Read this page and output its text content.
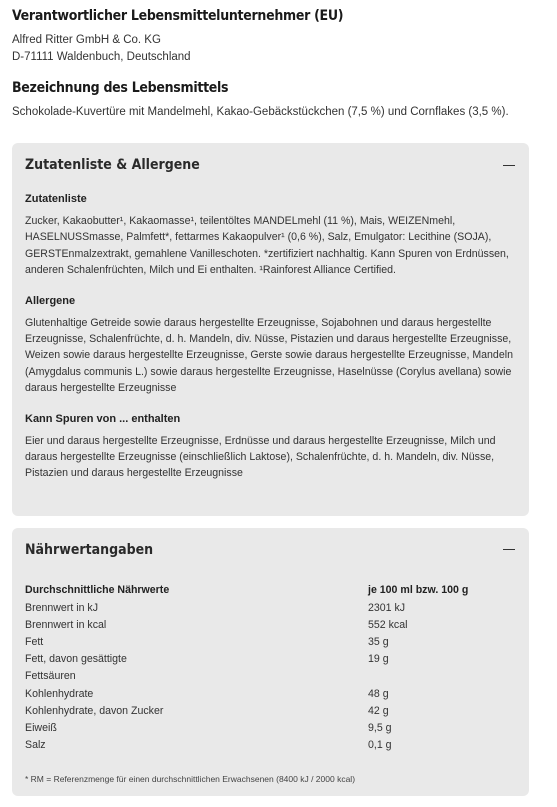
Verantwortlicher Lebensmittelunternehmer (EU)
Alfred Ritter GmbH & Co. KG
D-71111 Waldenbuch, Deutschland
Bezeichnung des Lebensmittels
Schokolade-Kuvertüre mit Mandelmehl, Kakao-Gebäckstückchen (7,5 %) und Cornflakes (3,5 %).
Zutatenliste & Allergene
Zutatenliste
Zucker, Kakaobutter¹, Kakaomasse¹, teilentöltes MANDELmehl (11 %), Mais, WEIZENmehl,
HASELNUSSmasse, Palmfett*, fettarmes Kakaopulver¹ (0,6 %), Salz, Emulgator: Lecithine (SOJA),
GERSTEnmalzextrakt, gemahlene Vanilleschoten. *zertifiziert nachhaltig. Kann Spuren von Erdnüssen,
anderen Schalenfrüchten, Milch und Ei enthalten. ¹Rainforest Alliance Certified.
Allergene
Glutenhaltige Getreide sowie daraus hergestellte Erzeugnisse, Sojabohnen und daraus hergestellte
Erzeugnisse, Schalenfrüchte, d. h. Mandeln, div. Nüsse, Pistazien und daraus hergestellte Erzeugnisse,
Weizen sowie daraus hergestellte Erzeugnisse, Gerste sowie daraus hergestellte Erzeugnisse, Mandeln
(Amygdalus communis L.) sowie daraus hergestellte Erzeugnisse, Haselnüsse (Corylus avellana) sowie
daraus hergestellte Erzeugnisse
Kann Spuren von ... enthalten
Eier und daraus hergestellte Erzeugnisse, Erdnüsse und daraus hergestellte Erzeugnisse, Milch und
daraus hergestellte Erzeugnisse (einschließlich Laktose), Schalenfrüchte, d. h. Mandeln, div. Nüsse,
Pistazien und daraus hergestellte Erzeugnisse
Nährwertangaben
Durchschnittliche Nährwerte	je 100 ml bzw. 100 g
Brennwert in kJ	2301 kJ
Brennwert in kcal	552 kcal
Fett	35 g
Fett, davon gesättigte	19 g
Fettsäuren	
Kohlenhydrate	48 g
Kohlenhydrate, davon Zucker	42 g
Eiweiß	9,5 g
Salz	0,1 g
* RM = Referenzmenge für einen durchschnittlichen Erwachsenen (8400 kJ / 2000 kcal)
